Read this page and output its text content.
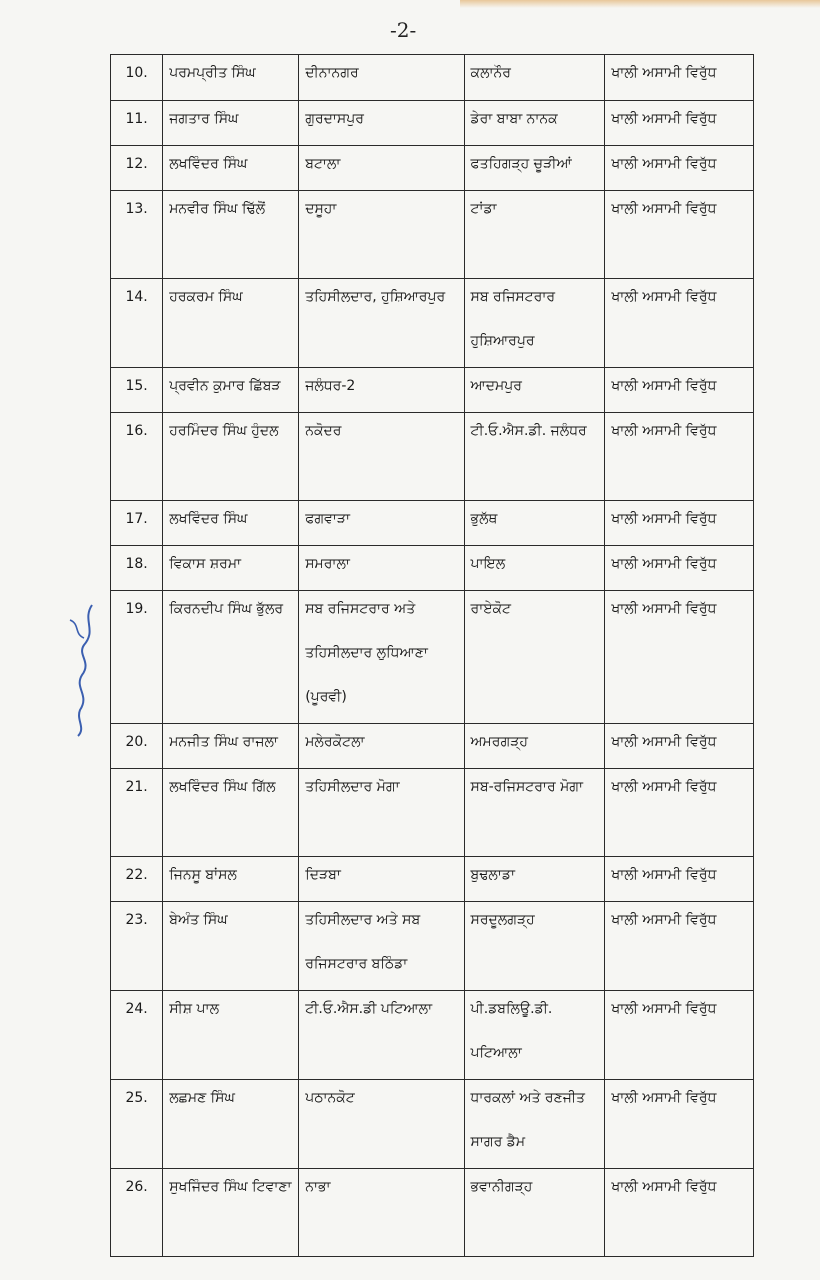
-2-
10.	ਪਰਮਪ੍ਰੀਤ ਸਿੰਘ	ਦੀਨਾਨਗਰ	ਕਲਾਨੌਰ	ਖਾਲੀ ਅਸਾਮੀ ਵਿਰੁੱਧ

11.	ਜਗਤਾਰ ਸਿੰਘ	ਗੁਰਦਾਸਪੁਰ	ਡੇਰਾ ਬਾਬਾ ਨਾਨਕ	ਖਾਲੀ ਅਸਾਮੀ ਵਿਰੁੱਧ

12.	ਲਖਵਿੰਦਰ ਸਿੰਘ	ਬਟਾਲਾ	ਫਤਹਿਗੜ੍ਹ ਚੂੜੀਆਂ	ਖਾਲੀ ਅਸਾਮੀ ਵਿਰੁੱਧ

13.	ਮਨਵੀਰ ਸਿੰਘ ਢਿੱਲੋਂ	ਦਸੂਹਾ	ਟਾਂਡਾ	ਖਾਲੀ ਅਸਾਮੀ ਵਿਰੁੱਧ

14.	ਹਰਕਰਮ ਸਿੰਘ	ਤਹਿਸੀਲਦਾਰ, ਹੁਸ਼ਿਆਰਪੁਰ	ਸਬ ਰਜਿਸਟਰਾਰ ਹੁਸ਼ਿਆਰਪੁਰ	ਖਾਲੀ ਅਸਾਮੀ ਵਿਰੁੱਧ

15.	ਪ੍ਰਵੀਨ ਕੁਮਾਰ ਛਿੱਬੜ	ਜਲੰਧਰ-2	ਆਦਮਪੁਰ	ਖਾਲੀ ਅਸਾਮੀ ਵਿਰੁੱਧ

16.	ਹਰਮਿੰਦਰ ਸਿੰਘ ਹੁੰਦਲ	ਨਕੋਦਰ	ਟੀ.ਓ.ਐਸ.ਡੀ. ਜਲੰਧਰ	ਖਾਲੀ ਅਸਾਮੀ ਵਿਰੁੱਧ

17.	ਲਖਵਿੰਦਰ ਸਿੰਘ	ਫਗਵਾੜਾ	ਭੁਲੱਥ	ਖਾਲੀ ਅਸਾਮੀ ਵਿਰੁੱਧ

18.	ਵਿਕਾਸ ਸ਼ਰਮਾ	ਸਮਰਾਲਾ	ਪਾਇਲ	ਖਾਲੀ ਅਸਾਮੀ ਵਿਰੁੱਧ

19.	ਕਿਰਨਦੀਪ ਸਿੰਘ ਭੁੱਲਰ	ਸਬ ਰਜਿਸਟਰਾਰ ਅਤੇ ਤਹਿਸੀਲਦਾਰ ਲੁਧਿਆਣਾ (ਪੂਰਵੀ)	ਰਾਏਕੋਟ	ਖਾਲੀ ਅਸਾਮੀ ਵਿਰੁੱਧ

20.	ਮਨਜੀਤ ਸਿੰਘ ਰਾਜਲਾ	ਮਲੇਰਕੋਟਲਾ	ਅਮਰਗੜ੍ਹ	ਖਾਲੀ ਅਸਾਮੀ ਵਿਰੁੱਧ

21.	ਲਖਵਿੰਦਰ ਸਿੰਘ ਗਿੱਲ	ਤਹਿਸੀਲਦਾਰ ਮੋਗਾ	ਸਬ-ਰਜਿਸਟਰਾਰ ਮੋਗਾ	ਖਾਲੀ ਅਸਾਮੀ ਵਿਰੁੱਧ

22.	ਜਿਨਸੂ ਬਾਂਸਲ	ਦਿੜਬਾ	ਬੁਢਲਾਡਾ	ਖਾਲੀ ਅਸਾਮੀ ਵਿਰੁੱਧ

23.	ਬੇਅੰਤ ਸਿੰਘ	ਤਹਿਸੀਲਦਾਰ ਅਤੇ ਸਬ ਰਜਿਸਟਰਾਰ ਬਠਿੰਡਾ	ਸਰਦੂਲਗੜ੍ਹ	ਖਾਲੀ ਅਸਾਮੀ ਵਿਰੁੱਧ

24.	ਸੀਸ਼ ਪਾਲ	ਟੀ.ਓ.ਐਸ.ਡੀ ਪਟਿਆਲਾ	ਪੀ.ਡਬਲਿਊ.ਡੀ. ਪਟਿਆਲਾ	ਖਾਲੀ ਅਸਾਮੀ ਵਿਰੁੱਧ

25.	ਲਛਮਣ ਸਿੰਘ	ਪਠਾਨਕੋਟ	ਧਾਰਕਲਾਂ ਅਤੇ ਰਣਜੀਤ ਸਾਗਰ ਡੈਮ	ਖਾਲੀ ਅਸਾਮੀ ਵਿਰੁੱਧ

26.	ਸੁਖਜਿੰਦਰ ਸਿੰਘ ਟਿਵਾਣਾ	ਨਾਭਾ	ਭਵਾਨੀਗੜ੍ਹ	ਖਾਲੀ ਅਸਾਮੀ ਵਿਰੁੱਧ
